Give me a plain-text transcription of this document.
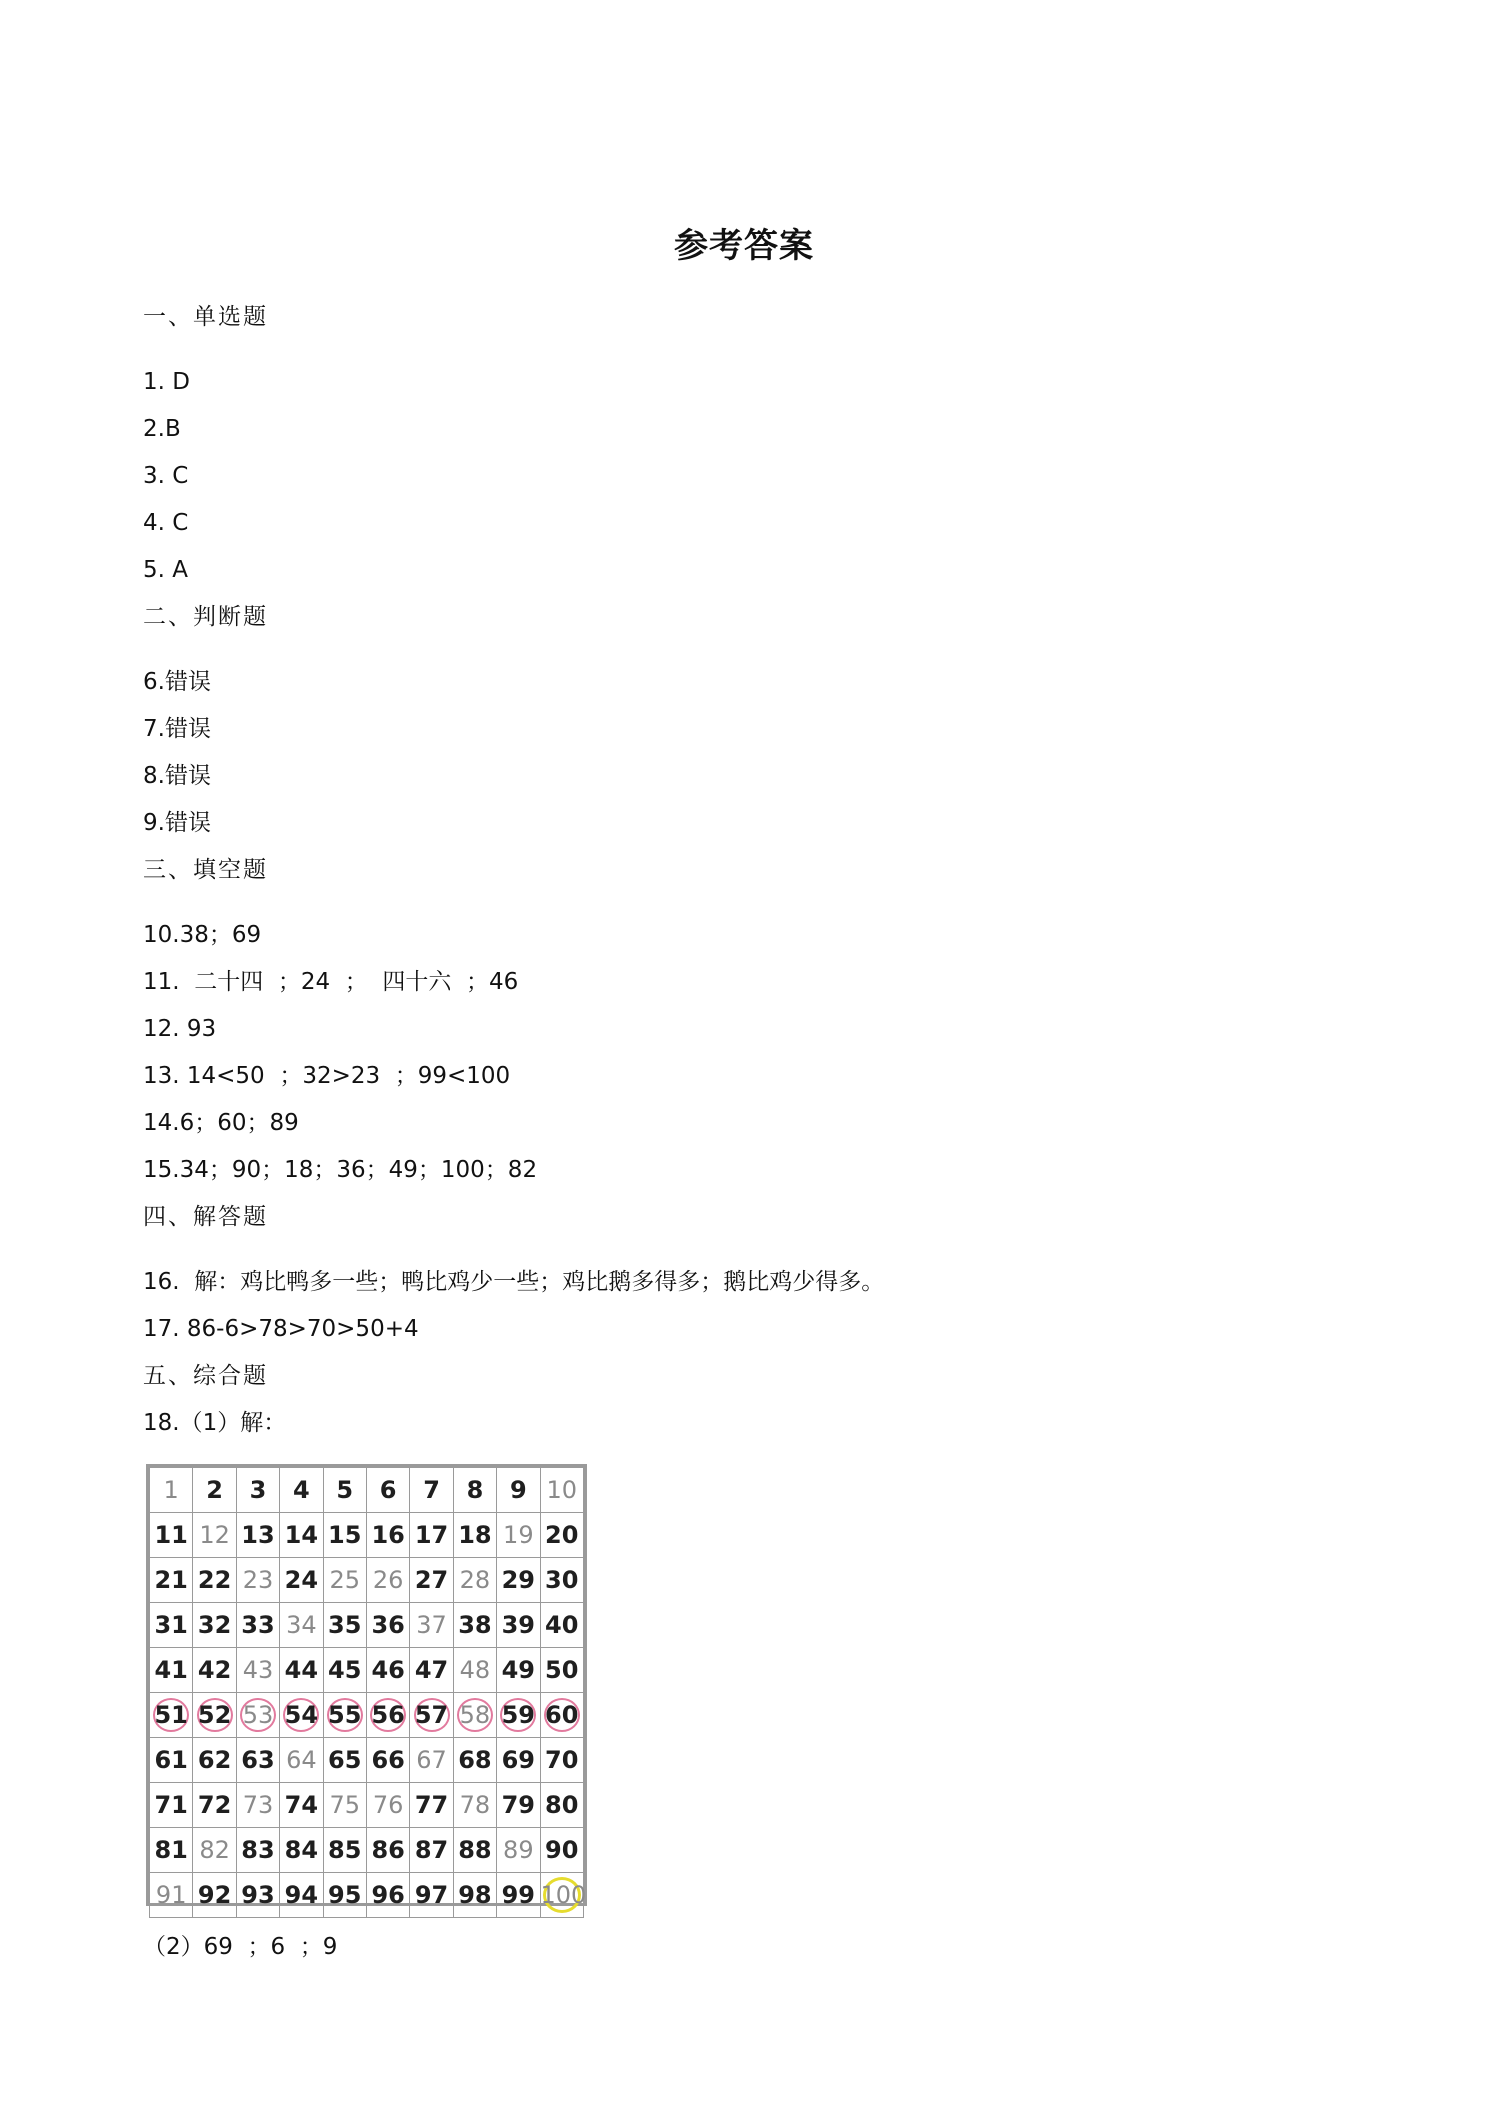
参考答案
一、单选题
1. D
2.B
3. C
4. C
5. A
二、判断题
6.错误
7.错误
8.错误
9.错误
三、填空题
10.38；69
11.  二十四  ；24  ；  四十六  ；46
12. 93
13. 14<50  ；32>23  ；99<100
14.6；60；89
15.34；90；18；36；49；100；82
四、解答题
16.  解：鸡比鸭多一些；鸭比鸡少一些；鸡比鹅多得多；鹅比鸡少得多。
17. 86-6>78>70>50+4
五、综合题
18.（1）解：
（2）69  ；6  ；9
1	2	3	4	5	6	7	8	9	10
11	12	13	14	15	16	17	18	19	20
21	22	23	24	25	26	27	28	29	30
31	32	33	34	35	36	37	38	39	40
41	42	43	44	45	46	47	48	49	50

51	52	53	54	55	56	57	58	59	60
61	62	63	64	65	66	67	68	69	70
71	72	73	74	75	76	77	78	79	80
81	82	83	84	85	86	87	88	89	90
91	92	93	94	95	96	97	98	99	100
